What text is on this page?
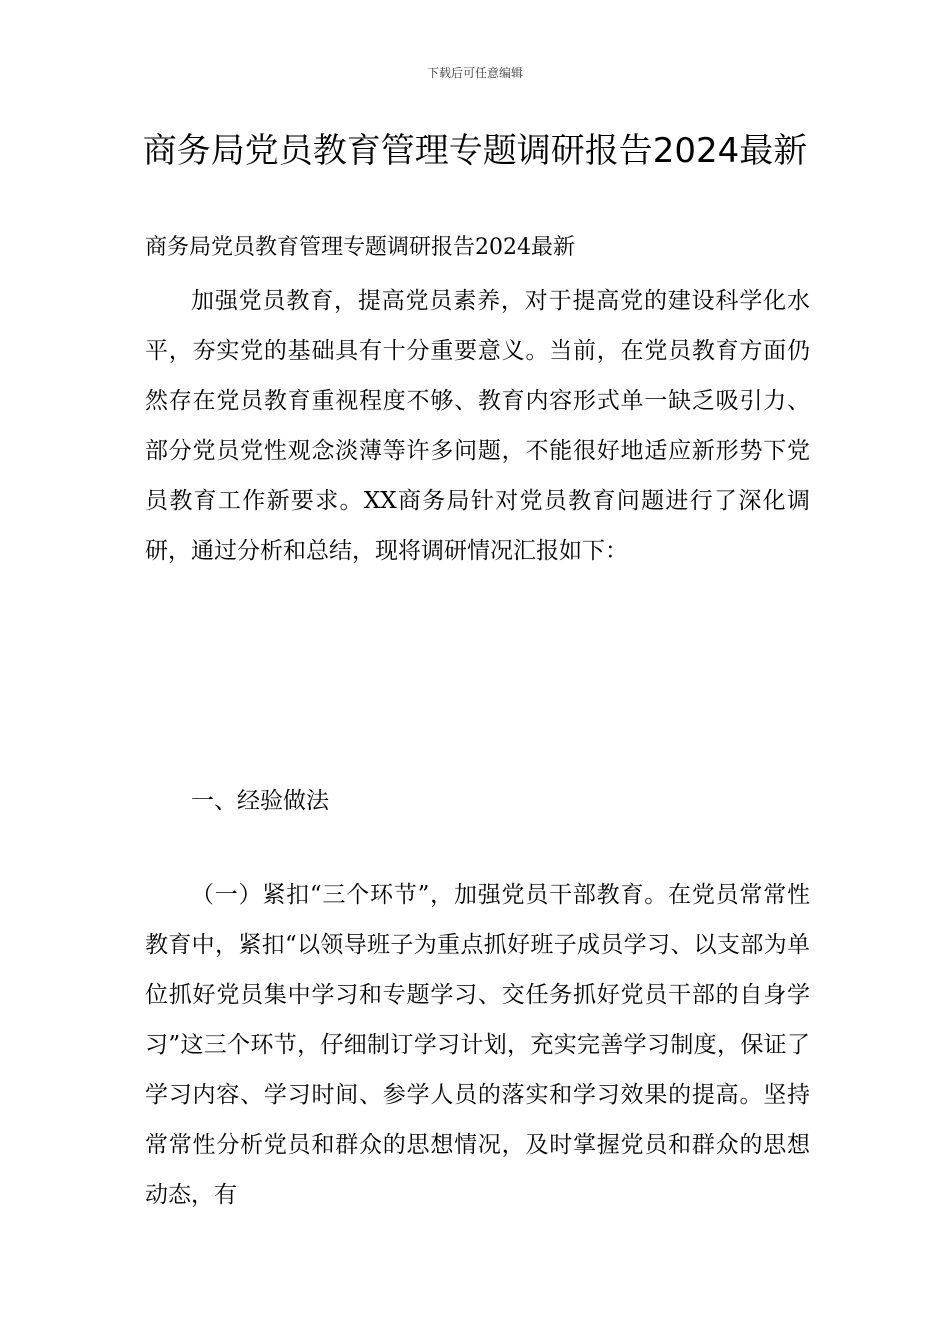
下载后可任意编辑
商务局党员教育管理专题调研报告2024最新

商务局党员教育管理专题调研报告2024最新

加强党员教育，提高党员素养，对于提高党的建设科学化水平，夯实党的基础具有十分重要意义。当前，在党员教育方面仍然存在党员教育重视程度不够、教育内容形式单一缺乏吸引力、部分党员党性观念淡薄等许多问题，不能很好地适应新形势下党员教育工作新要求。XX商务局针对党员教育问题进行了深化调研，通过分析和总结，现将调研情况汇报如下：

一、经验做法

（一）紧扣“三个环节”，加强党员干部教育。在党员常常性教育中，紧扣“以领导班子为重点抓好班子成员学习、以支部为单位抓好党员集中学习和专题学习、交任务抓好党员干部的自身学习”这三个环节，仔细制订学习计划，充实完善学习制度，保证了学习内容、学习时间、参学人员的落实和学习效果的提高。坚持常常性分析党员和群众的思想情况，及时掌握党员和群众的思想动态，有
